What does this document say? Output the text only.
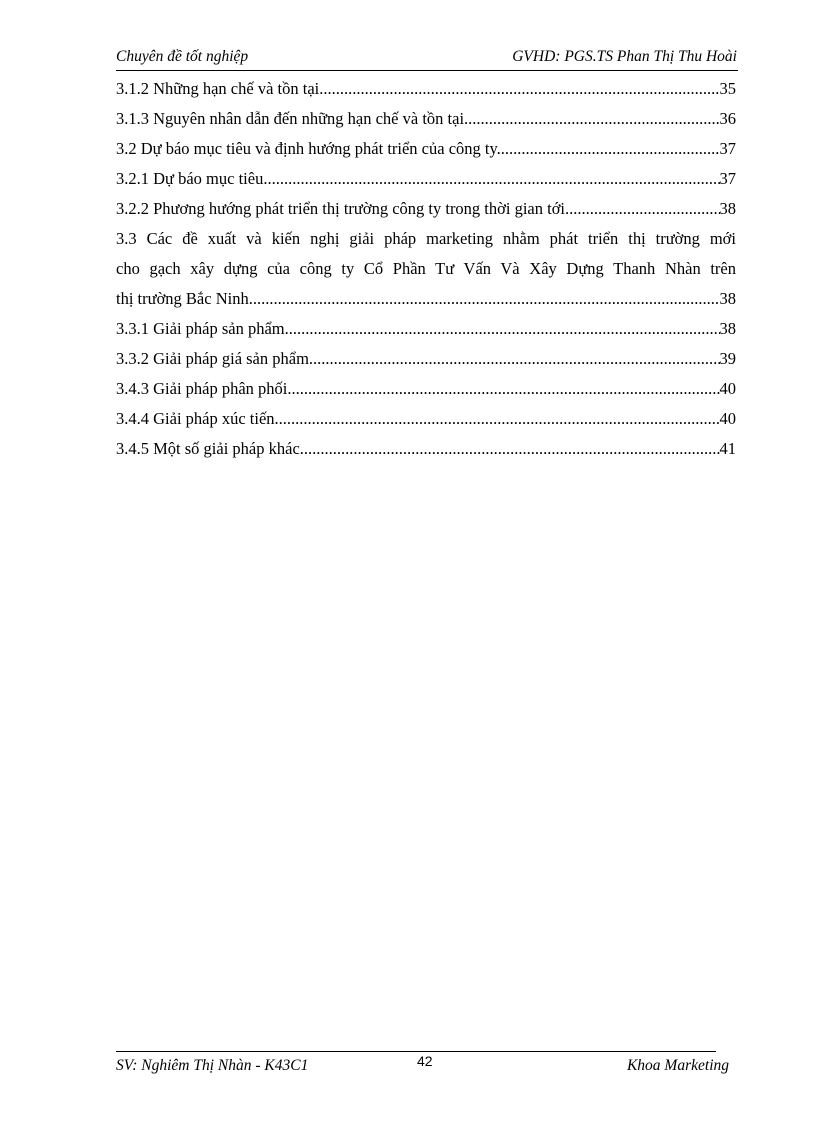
Chuyên đề tốt nghiệp	GVHD: PGS.TS Phan Thị Thu Hoài
3.1.2 Những hạn chế và tồn tại. .....	35
3.1.3 Nguyên nhân dẫn đến những hạn chế và tồn tại. .....	36
3.2 Dự báo mục tiêu và định hướng phát triển của công ty. .....	37
3.2.1 Dự báo mục tiêu. .....	37
3.2.2 Phương hướng phát triển thị trường công ty trong thời gian tới. .....	38
3.3 Các đề xuất và kiến nghị giải pháp marketing nhằm phát triển thị trường mới
cho gạch xây dựng của công ty Cổ Phần Tư Vấn Và Xây Dựng Thanh Nhàn trên
thị trường Bắc Ninh. .....	38
3.3.1 Giải pháp sản phẩm. .....	38
3.3.2 Giải pháp giá sản phẩm. .....	39
3.4.3 Giải pháp phân phối. .....	40
3.4.4 Giải pháp xúc tiến .....	40
3.4.5 Một số giải pháp khác. .....	41
SV: Nghiêm Thị Nhàn - K43C1	42	Khoa Marketing
